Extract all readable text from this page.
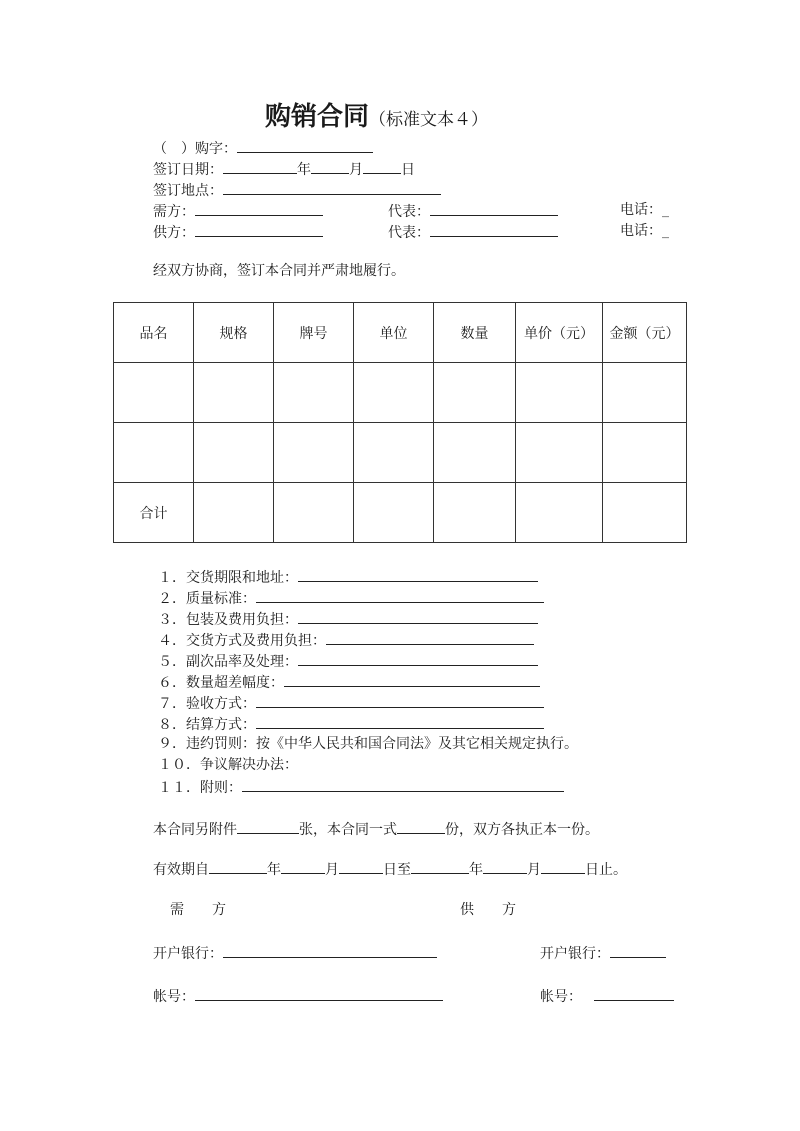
购销合同（标准文本４）
（　）购字：
签订日期：	年	月	日
签订地点：
需方：	代表：	电话：_
供方：	代表：	电话：_
经双方协商，签订本合同并严肃地履行。
品名	规格	牌号	单位	数量	单价（元）	金额（元）

合计						
１．交货期限和地址：
２．质量标准：
３．包装及费用负担：
４．交货方式及费用负担：
５．副次品率及处理：
６．数量超差幅度：
７．验收方式：
８．结算方式：
９．违约罚则：按《中华人民共和国合同法》及其它相关规定执行。
１０．争议解决办法：
１１．附则：
本合同另附件	张，本合同一式	份，双方各执正本一份。
有效期自	年	月	日至	年	月	日止。
需　　方	供　　方
开户银行：	开户银行：
帐号：	帐号：
